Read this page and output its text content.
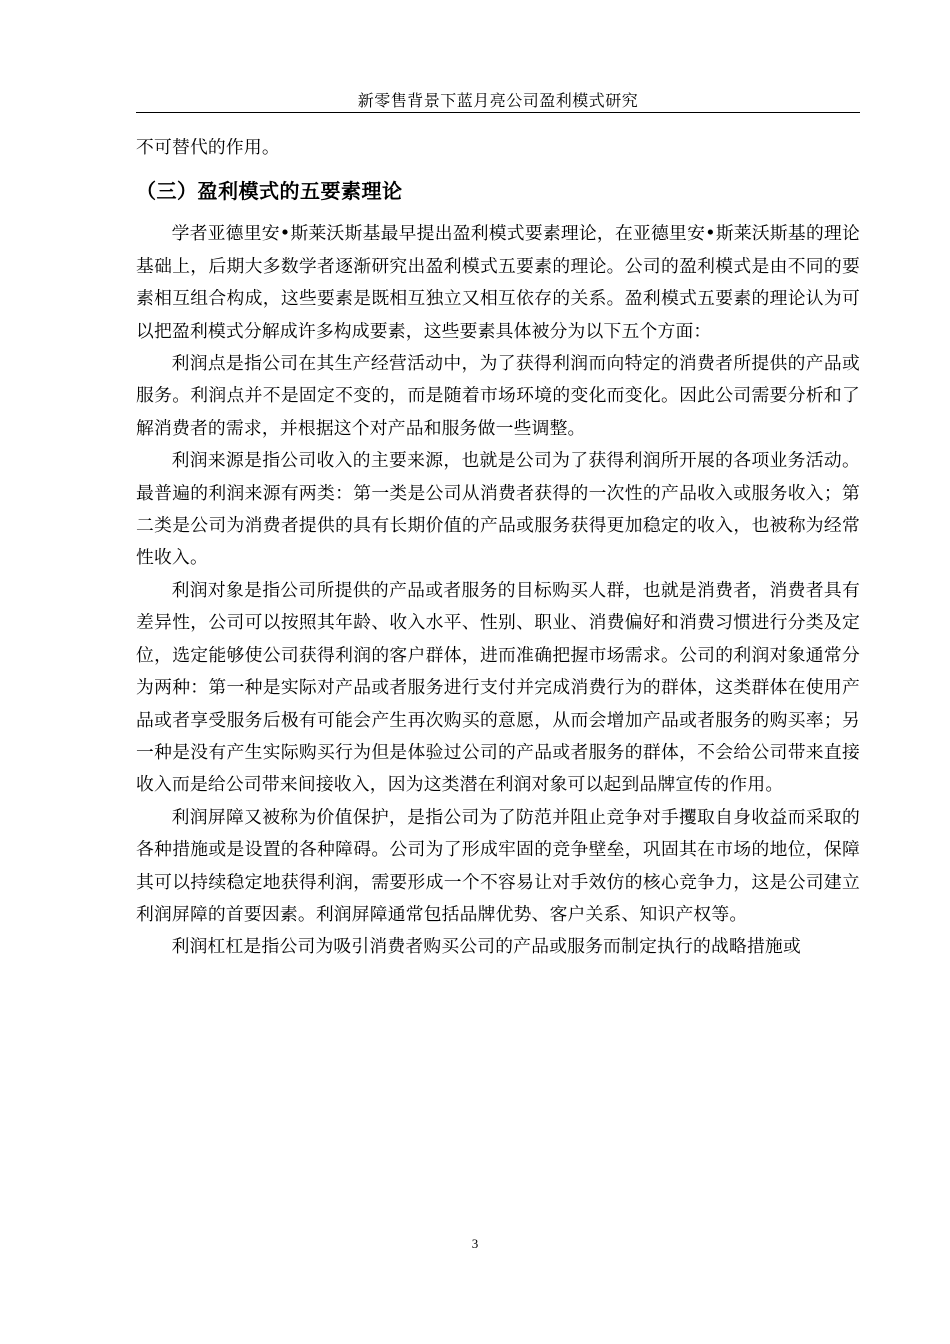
新零售背景下蓝月亮公司盈利模式研究

不可替代的作用。

（三）盈利模式的五要素理论

学者亚德里安•斯莱沃斯基最早提出盈利模式要素理论，在亚德里安•斯莱沃斯基的理论基础上，后期大多数学者逐渐研究出盈利模式五要素的理论。公司的盈利模式是由不同的要素相互组合构成，这些要素是既相互独立又相互依存的关系。盈利模式五要素的理论认为可以把盈利模式分解成许多构成要素，这些要素具体被分为以下五个方面：

利润点是指公司在其生产经营活动中，为了获得利润而向特定的消费者所提供的产品或服务。利润点并不是固定不变的，而是随着市场环境的变化而变化。因此公司需要分析和了解消费者的需求，并根据这个对产品和服务做一些调整。

利润来源是指公司收入的主要来源，也就是公司为了获得利润所开展的各项业务活动。最普遍的利润来源有两类：第一类是公司从消费者获得的一次性的产品收入或服务收入；第二类是公司为消费者提供的具有长期价值的产品或服务获得更加稳定的收入，也被称为经常性收入。

利润对象是指公司所提供的产品或者服务的目标购买人群，也就是消费者，消费者具有差异性，公司可以按照其年龄、收入水平、性别、职业、消费偏好和消费习惯进行分类及定位，选定能够使公司获得利润的客户群体，进而准确把握市场需求。公司的利润对象通常分为两种：第一种是实际对产品或者服务进行支付并完成消费行为的群体，这类群体在使用产品或者享受服务后极有可能会产生再次购买的意愿，从而会增加产品或者服务的购买率；另一种是没有产生实际购买行为但是体验过公司的产品或者服务的群体，不会给公司带来直接收入而是给公司带来间接收入，因为这类潜在利润对象可以起到品牌宣传的作用。

利润屏障又被称为价值保护，是指公司为了防范并阻止竞争对手攫取自身收益而采取的各种措施或是设置的各种障碍。公司为了形成牢固的竞争壁垒，巩固其在市场的地位，保障其可以持续稳定地获得利润，需要形成一个不容易让对手效仿的核心竞争力，这是公司建立利润屏障的首要因素。利润屏障通常包括品牌优势、客户关系、知识产权等。

利润杠杠是指公司为吸引消费者购买公司的产品或服务而制定执行的战略措施或

3
